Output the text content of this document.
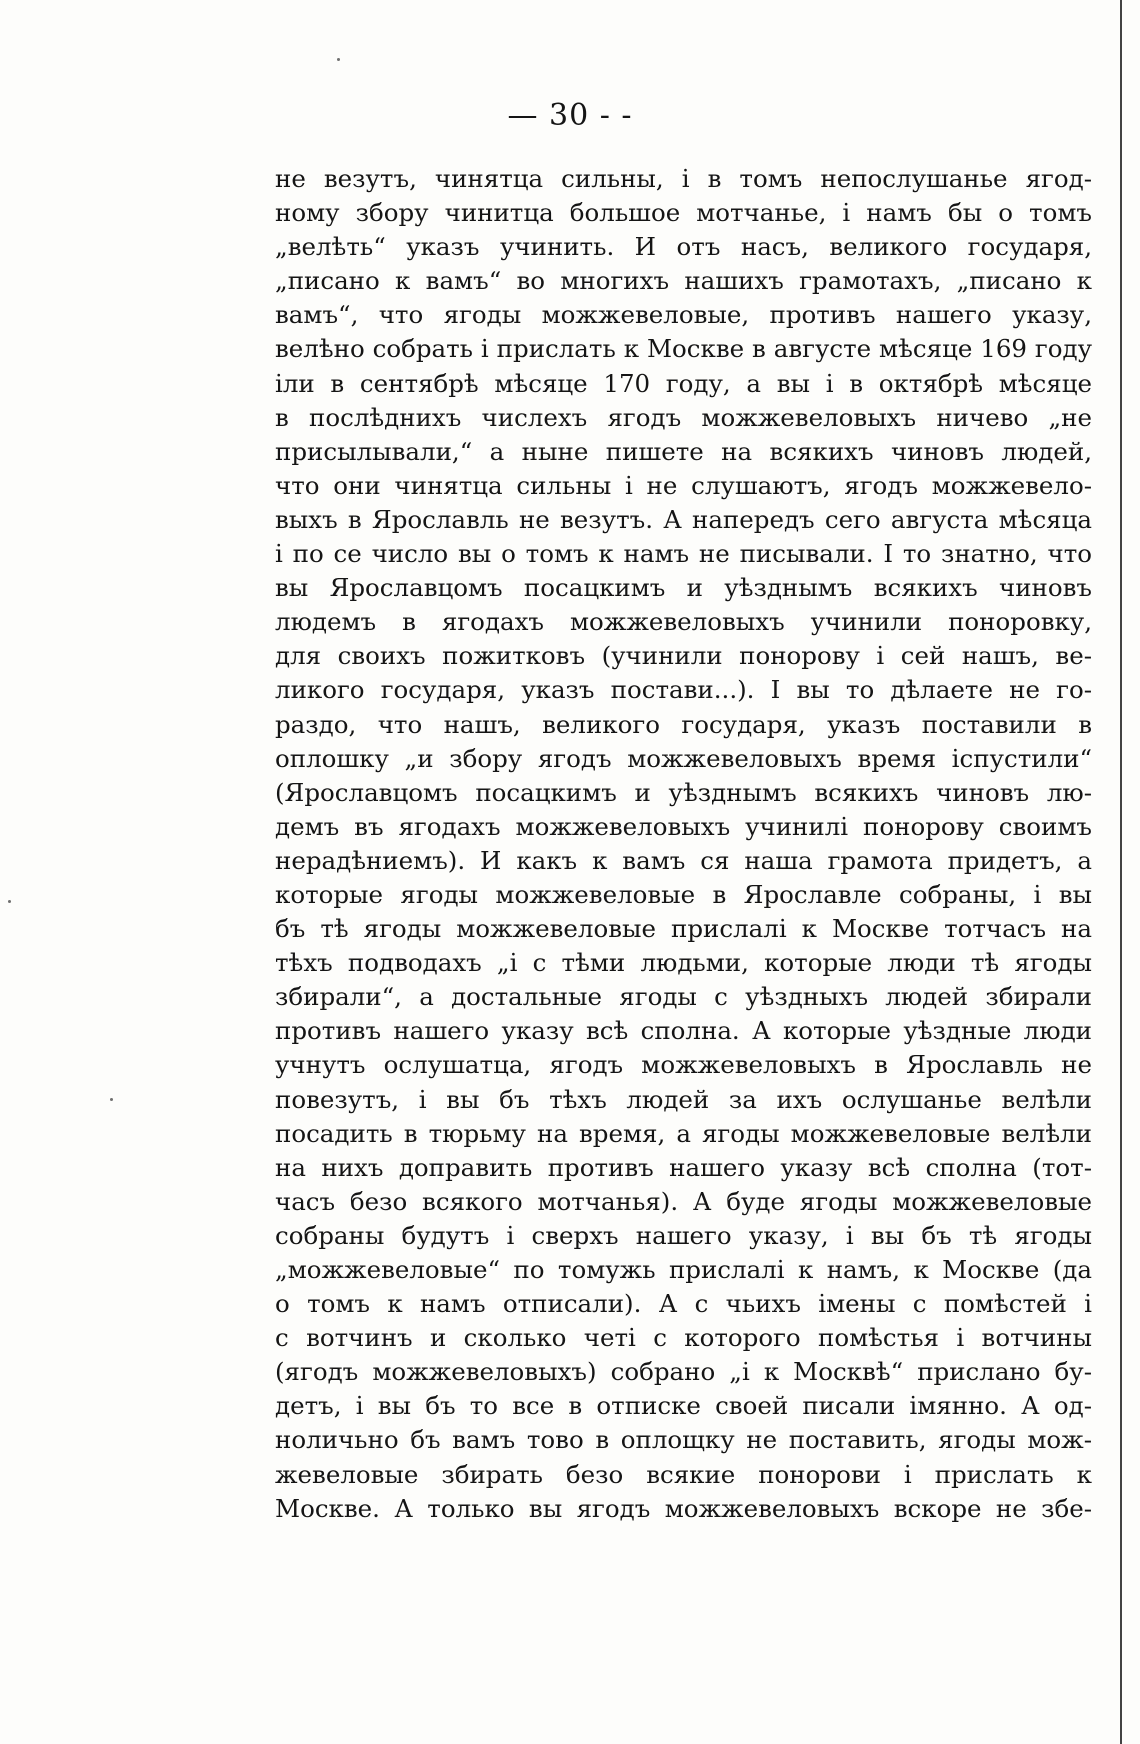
— 30 - -
не везутъ, чинятца сильны, і в томъ непослушанье ягод-
ному збору чинитца большое мотчанье, і намъ бы о томъ
„велѣть“ указъ учинить. И отъ насъ, великого государя,
„писано к вамъ“ во многихъ нашихъ грамотахъ, „писано к
вамъ“, что ягоды можжевеловые, противъ нашего указу,
велѣно собрать і прислать к Москве в августе мѣсяце 169 году
іли в сентябрѣ мѣсяце 170 году, а вы і в октябрѣ мѣсяце
в послѣднихъ числехъ ягодъ можжевеловыхъ ничево „не
присылывали,“ а ныне пишете на всякихъ чиновъ людей,
что они чинятца сильны і не слушаютъ, ягодъ можжевело-
выхъ в Ярославль не везутъ. А напередъ сего августа мѣсяца
і по се число вы о томъ к намъ не писывали. І то знатно, что
вы Ярославцомъ посацкимъ и уѣзднымъ всякихъ чиновъ
людемъ в ягодахъ можжевеловыхъ учинили поноровку,
для своихъ пожитковъ (учинили понорову і сей нашъ, ве-
ликого государя, указъ постави...). І вы то дѣлаете не го-
раздо, что нашъ, великого государя, указъ поставили в
оплошку „и збору ягодъ можжевеловыхъ время іспустили“
(Ярославцомъ посацкимъ и уѣзднымъ всякихъ чиновъ лю-
демъ въ ягодахъ можжевеловыхъ учинилі понорову своимъ
нерадѣниемъ). И какъ к вамъ ся наша грамота придетъ, а
которые ягоды можжевеловые в Ярославле собраны, і вы
бъ тѣ ягоды можжевеловые прислалі к Москве тотчасъ на
тѣхъ подводахъ „і с тѣми людьми, которые люди тѣ ягоды
збирали“, а достальные ягоды с уѣздныхъ людей збирали
противъ нашего указу всѣ сполна. А которые уѣздные люди
учнутъ ослушатца, ягодъ можжевеловыхъ в Ярославль не
повезутъ, і вы бъ тѣхъ людей за ихъ ослушанье велѣли
посадить в тюрьму на время, а ягоды можжевеловые велѣли
на нихъ доправить противъ нашего указу всѣ сполна (тот-
часъ безо всякого мотчанья). А буде ягоды можжевеловые
собраны будутъ і сверхъ нашего указу, і вы бъ тѣ ягоды
„можжевеловые“ по томужь прислалі к намъ, к Москве (да
о томъ к намъ отписали). А с чьихъ імены с помѣстей і
с вотчинъ и сколько четі с которого помѣстья і вотчины
(ягодъ можжевеловыхъ) собрано „і к Москвѣ“ прислано бу-
детъ, і вы бъ то все в отписке своей писали імянно. А од-
ноличьно бъ вамъ тово в оплощку не поставить, ягоды мож-
жевеловые збирать безо всякие понорови і прислать к
Москве. А только вы ягодъ можжевеловыхъ вскоре не збе-
